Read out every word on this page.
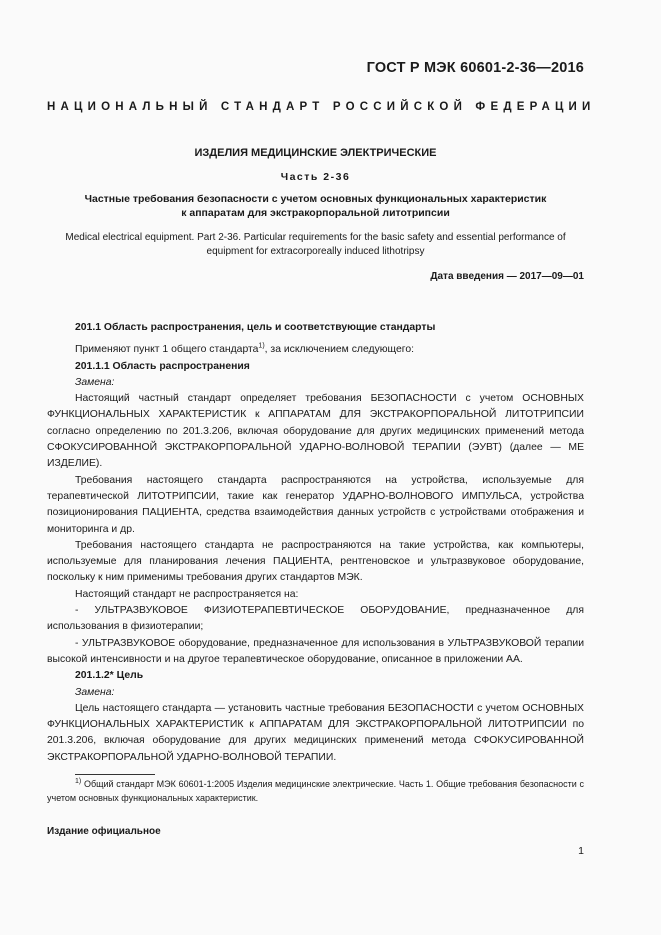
ГОСТ Р МЭК 60601-2-36—2016
НАЦИОНАЛЬНЫЙ СТАНДАРТ РОССИЙСКОЙ ФЕДЕРАЦИИ
ИЗДЕЛИЯ МЕДИЦИНСКИЕ ЭЛЕКТРИЧЕСКИЕ
Часть 2-36
Частные требования безопасности с учетом основных функциональных характеристик
к аппаратам для экстракорпоральной литотрипсии
Medical electrical equipment. Part 2-36. Particular requirements for the basic safety and essential performance of
equipment for extracorporeally induced lithotripsy
Дата введения — 2017—09—01

201.1 Область распространения, цель и соответствующие стандарты

Применяют пункт 1 общего стандарта$^{1)}$, за исключением следующего:

201.1.1 Область распространения

Замена:

Настоящий частный стандарт определяет требования БЕЗОПАСНОСТИ с учетом ОСНОВНЫХ ФУНКЦИОНАЛЬНЫХ ХАРАКТЕРИСТИК к АППАРАТАМ ДЛЯ ЭКСТРАКОРПОРАЛЬНОЙ ЛИТОТРИПСИИ согласно определению по 201.3.206, включая оборудование для других медицинских применений метода СФОКУСИРОВАННОЙ ЭКСТРАКОРПОРАЛЬНОЙ УДАРНО-ВОЛНОВОЙ ТЕРАПИИ (ЭУВТ) (далее — МЕ ИЗДЕЛИЕ).

Требования настоящего стандарта распространяются на устройства, используемые для терапевтической ЛИТОТРИПСИИ, такие как генератор УДАРНО-ВОЛНОВОГО ИМПУЛЬСА, устройства позиционирования ПАЦИЕНТА, средства взаимодействия данных устройств с устройствами отображения и мониторинга и др.

Требования настоящего стандарта не распространяются на такие устройства, как компьютеры, используемые для планирования лечения ПАЦИЕНТА, рентгеновское и ультразвуковое оборудование, поскольку к ним применимы требования других стандартов МЭК.

Настоящий стандарт не распространяется на:

- УЛЬТРАЗВУКОВОЕ ФИЗИОТЕРАПЕВТИЧЕСКОЕ ОБОРУДОВАНИЕ, предназначенное для использования в физиотерапии;

- УЛЬТРАЗВУКОВОЕ оборудование, предназначенное для использования в УЛЬТРАЗВУКОВОЙ терапии высокой интенсивности и на другое терапевтическое оборудование, описанное в приложении АА.

201.1.2* Цель

Замена:

Цель настоящего стандарта — установить частные требования БЕЗОПАСНОСТИ с учетом ОСНОВНЫХ ФУНКЦИОНАЛЬНЫХ ХАРАКТЕРИСТИК к АППАРАТАМ ДЛЯ ЭКСТРАКОРПОРАЛЬНОЙ ЛИТОТРИПСИИ по 201.3.206, включая оборудование для других медицинских применений метода СФОКУСИРОВАННОЙ ЭКСТРАКОРПОРАЛЬНОЙ УДАРНО-ВОЛНОВОЙ ТЕРАПИИ.

$^{1)}$ Общий стандарт МЭК 60601-1:2005 Изделия медицинские электрические. Часть 1. Общие требования безопасности с учетом основных функциональных характеристик.
Издание официальное
1
